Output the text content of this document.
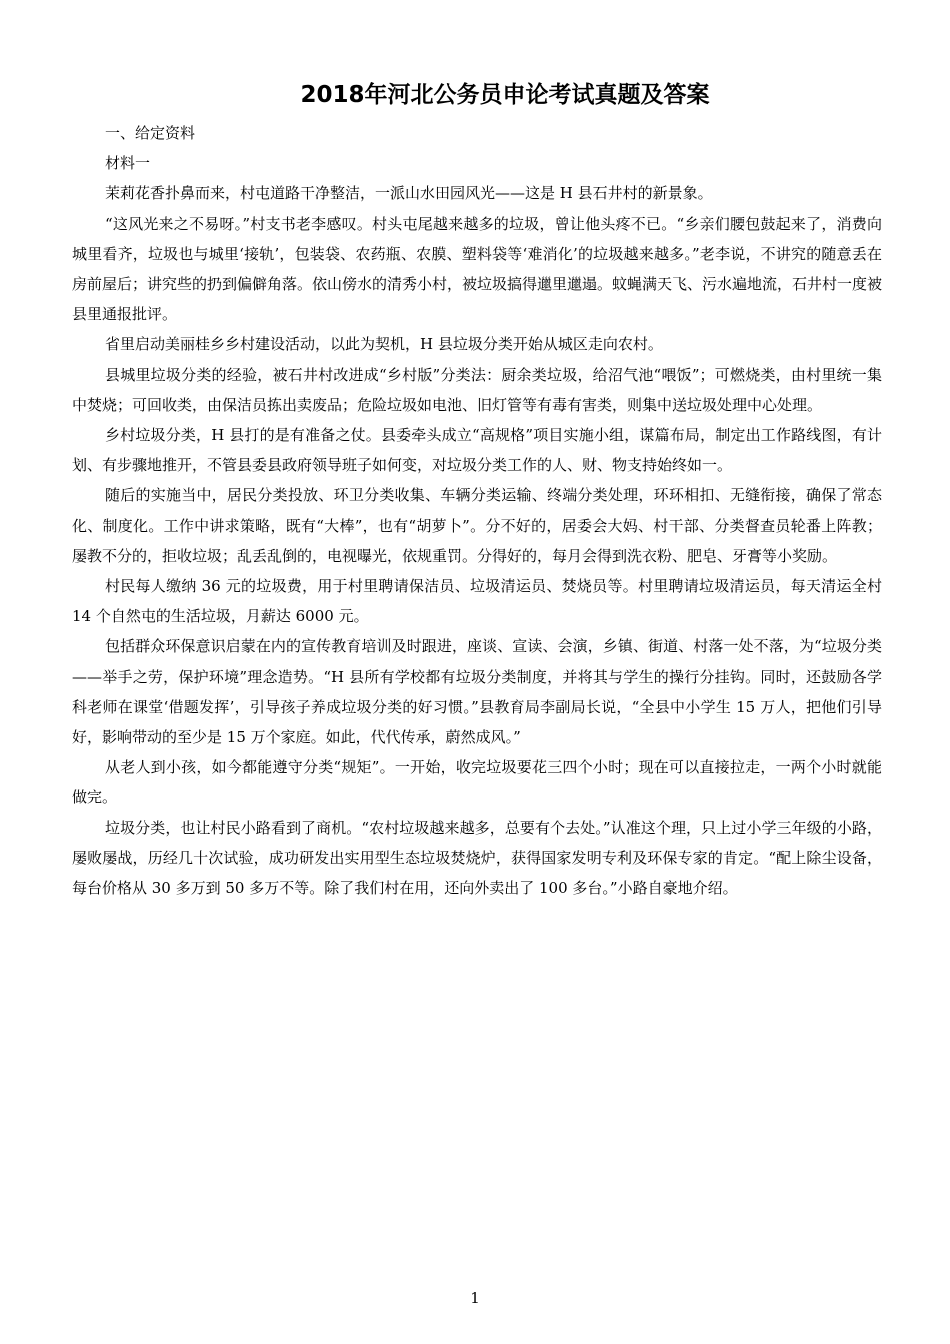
2018年河北公务员申论考试真题及答案

一、给定资料

材料一

茉莉花香扑鼻而来，村屯道路干净整洁，一派山水田园风光——这是 H 县石井村的新景象。

“这风光来之不易呀。”村支书老李感叹。村头屯尾越来越多的垃圾，曾让他头疼不已。“乡亲们腰包鼓起来了，消费向城里看齐，垃圾也与城里‘接轨’，包装袋、农药瓶、农膜、塑料袋等‘难消化’的垃圾越来越多。”老李说，不讲究的随意丢在房前屋后；讲究些的扔到偏僻角落。依山傍水的清秀小村，被垃圾搞得邋里邋遢。蚊蝇满天飞、污水遍地流，石井村一度被县里通报批评。

省里启动美丽桂乡乡村建设活动，以此为契机，H 县垃圾分类开始从城区走向农村。

县城里垃圾分类的经验，被石井村改进成“乡村版”分类法：厨余类垃圾，给沼气池“喂饭”；可燃烧类，由村里统一集中焚烧；可回收类，由保洁员拣出卖废品；危险垃圾如电池、旧灯管等有毒有害类，则集中送垃圾处理中心处理。

乡村垃圾分类，H 县打的是有准备之仗。县委牵头成立“高规格”项目实施小组，谋篇布局，制定出工作路线图，有计划、有步骤地推开，不管县委县政府领导班子如何变，对垃圾分类工作的人、财、物支持始终如一。

随后的实施当中，居民分类投放、环卫分类收集、车辆分类运输、终端分类处理，环环相扣、无缝衔接，确保了常态化、制度化。工作中讲求策略，既有“大棒”，也有“胡萝卜”。分不好的，居委会大妈、村干部、分类督查员轮番上阵教；屡教不分的，拒收垃圾；乱丢乱倒的，电视曝光，依规重罚。分得好的，每月会得到洗衣粉、肥皂、牙膏等小奖励。

村民每人缴纳 36 元的垃圾费，用于村里聘请保洁员、垃圾清运员、焚烧员等。村里聘请垃圾清运员，每天清运全村 14 个自然屯的生活垃圾，月薪达 6000 元。

包括群众环保意识启蒙在内的宣传教育培训及时跟进，座谈、宣读、会演，乡镇、街道、村落一处不落，为“垃圾分类——举手之劳，保护环境”理念造势。“H 县所有学校都有垃圾分类制度，并将其与学生的操行分挂钩。同时，还鼓励各学科老师在课堂‘借题发挥’，引导孩子养成垃圾分类的好习惯。”县教育局李副局长说，“全县中小学生 15 万人，把他们引导好，影响带动的至少是 15 万个家庭。如此，代代传承，蔚然成风。”

从老人到小孩，如今都能遵守分类“规矩”。一开始，收完垃圾要花三四个小时；现在可以直接拉走，一两个小时就能做完。

垃圾分类，也让村民小路看到了商机。“农村垃圾越来越多，总要有个去处。”认准这个理，只上过小学三年级的小路，屡败屡战，历经几十次试验，成功研发出实用型生态垃圾焚烧炉，获得国家发明专利及环保专家的肯定。“配上除尘设备，每台价格从 30 多万到 50 多万不等。除了我们村在用，还向外卖出了 100 多台。”小路自豪地介绍。

1
